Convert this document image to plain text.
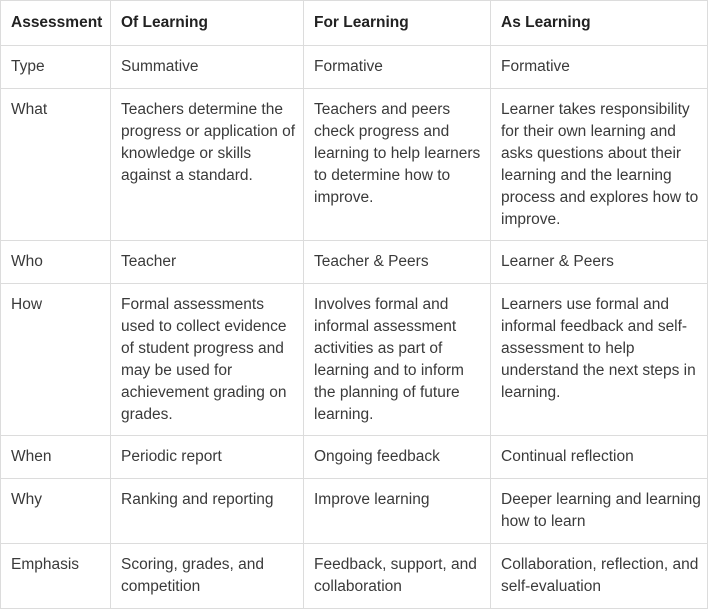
Assessment	Of Learning	For Learning	As Learning
Type	Summative	Formative	Formative
What	Teachers determine the progress or application of knowledge or skills against a standard.	Teachers and peers check progress and learning to help learners to determine how to improve.	Learner takes responsibility for their own learning and asks questions about their learning and the learning process and explores how to improve.
Who	Teacher	Teacher & Peers	Learner & Peers
How	Formal assessments used to collect evidence of student progress and may be used for achievement grading on grades.	Involves formal and informal assessment activities as part of learning and to inform the planning of future learning.	Learners use formal and informal feedback and self-assessment to help understand the next steps in learning.
When	Periodic report	Ongoing feedback	Continual reflection
Why	Ranking and reporting	Improve learning	Deeper learning and learning how to learn
Emphasis	Scoring, grades, and competition	Feedback, support, and collaboration	Collaboration, reflection, and self-evaluation
